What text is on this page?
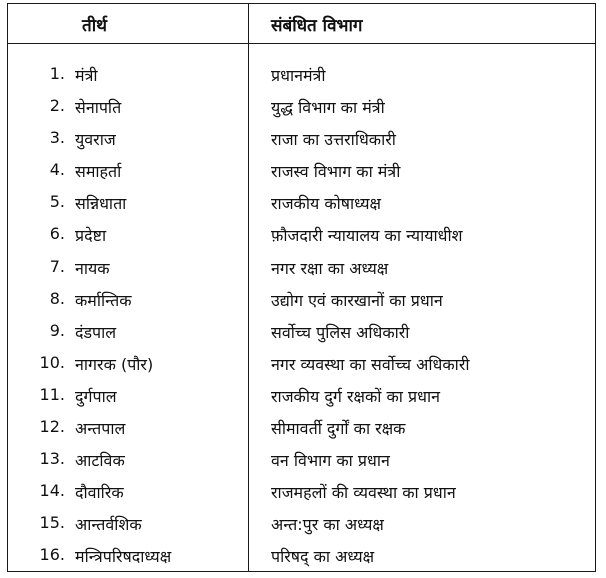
तीर्थ	संबंधित विभाग
1. मंत्री	प्रधानमंत्री
2. सेनापति	युद्ध विभाग का मंत्री
3. युवराज	राजा का उत्तराधिकारी
4. समाहर्ता	राजस्व विभाग का मंत्री
5. सन्निधाता	राजकीय कोषाध्यक्ष
6. प्रदेष्टा	फ़ौजदारी न्यायालय का न्यायाधीश
7. नायक	नगर रक्षा का अध्यक्ष
8. कर्मान्तिक	उद्योग एवं कारखानों का प्रधान
9. दंडपाल	सर्वोच्च पुलिस अधिकारी
10. नागरक (पौर)	नगर व्यवस्था का सर्वोच्च अधिकारी
11. दुर्गपाल	राजकीय दुर्ग रक्षकों का प्रधान
12. अन्तपाल	सीमावर्ती दुर्गों का रक्षक
13. आटविक	वन विभाग का प्रधान
14. दौवारिक	राजमहलों की व्यवस्था का प्रधान
15. आन्तर्वशिक	अन्त:पुर का अध्यक्ष
16. मन्त्रिपरिषदाध्यक्ष	परिषद् का अध्यक्ष
